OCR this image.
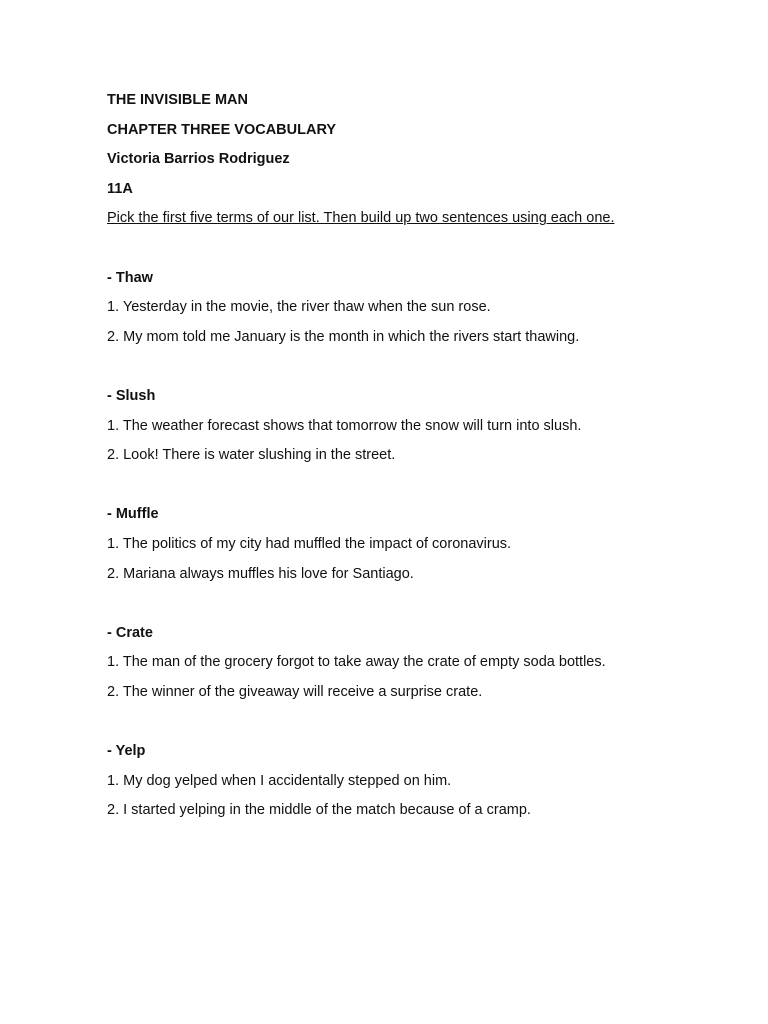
THE INVISIBLE MAN
CHAPTER THREE VOCABULARY
Victoria Barrios Rodriguez
11A
Pick the first five terms of our list. Then build up two sentences using each one.
- Thaw
1. Yesterday in the movie, the river thaw when the sun rose.
2. My mom told me January is the month in which the rivers start thawing.
- Slush
1. The weather forecast shows that tomorrow the snow will turn into slush.
2. Look! There is water slushing in the street.
- Muffle
1. The politics of my city had muffled the impact of coronavirus.
2. Mariana always muffles his love for Santiago.
- Crate
1. The man of the grocery forgot to take away the crate of empty soda bottles.
2. The winner of the giveaway will receive a surprise crate.
- Yelp
1. My dog yelped when I accidentally stepped on him.
2. I started yelping in the middle of the match because of a cramp.
